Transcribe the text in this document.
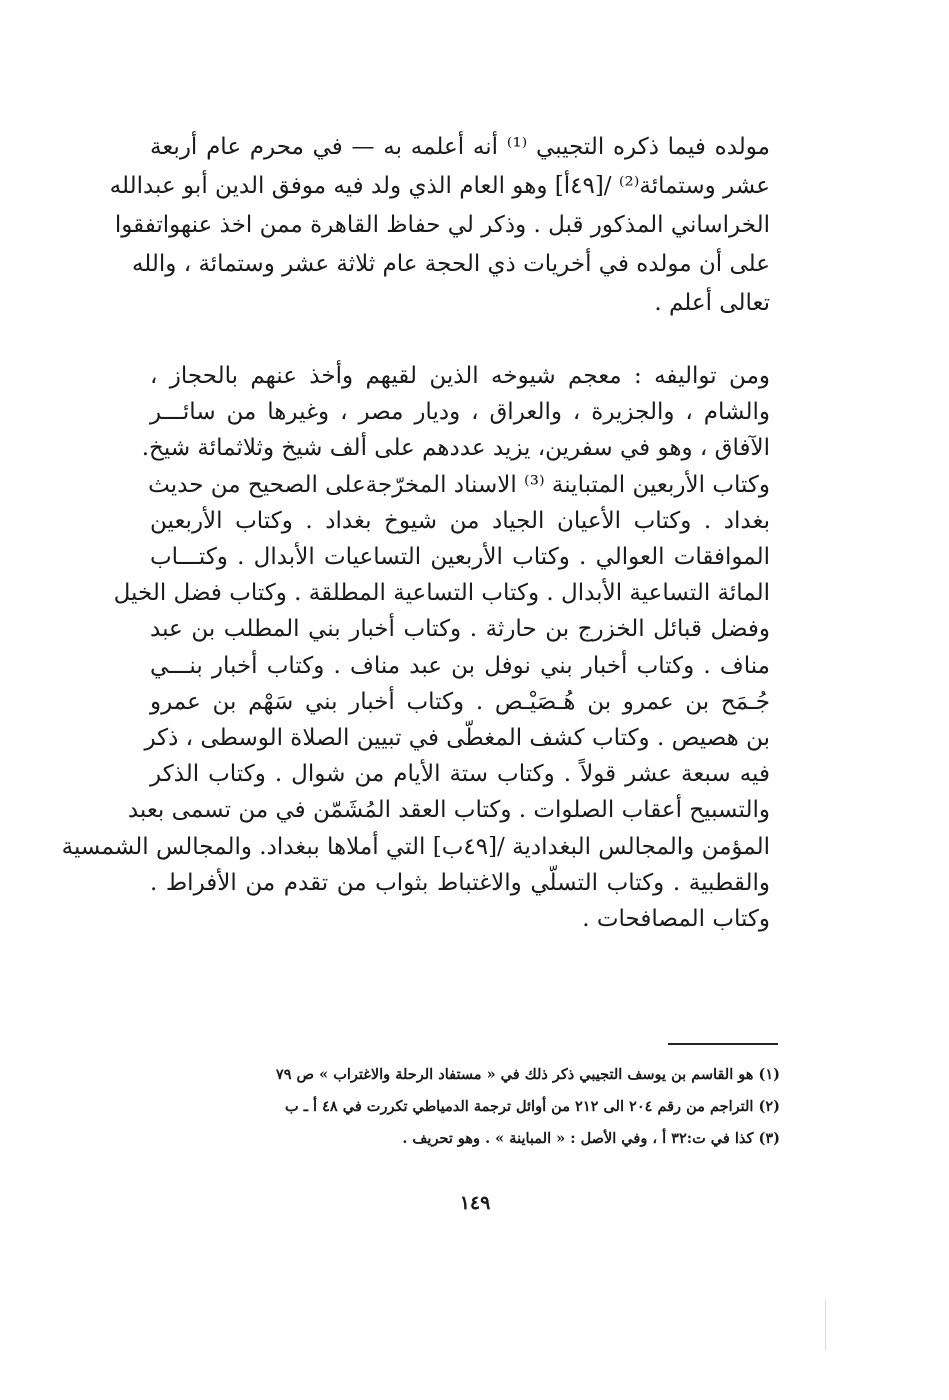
مولده فيما ذكره التجيبي ⁽¹⁾ أنه أعلمه به — في محرم عام أربعة
عشر وستمائة⁽²⁾ /[٤٩أ] وهو العام الذي ولد فيه موفق الدين أبو عبدالله
الخراساني المذكور قبل . وذكر لي حفاظ القاهرة ممن اخذ عنهواتفقوا
على أن مولده في أخريات ذي الحجة عام ثلاثة عشر وستمائة ، والله
تعالى أعلم .
ومن تواليفه : معجم شيوخه الذين لقيهم وأخذ عنهم بالحجاز ،
والشام ، والجزيرة ، والعراق ، وديار مصر ، وغيرها من سائـــر
الآفاق ، وهو في سفرين، يزيد عددهم على ألف شيخ وثلاثمائة شيخ.
وكتاب الأربعين المتباينة ⁽³⁾ الاسناد المخرّجةعلى الصحيح من حديث
بغداد . وكتاب الأعيان الجياد من شيوخ بغداد . وكتاب الأربعين
الموافقات العوالي . وكتاب الأربعين التساعيات الأبدال . وكتـــاب
المائة التساعية الأبدال . وكتاب التساعية المطلقة . وكتاب فضل الخيل
وفضل قبائل الخزرج بن حارثة . وكتاب أخبار بني المطلب بن عبد
مناف . وكتاب أخبار بني نوفل بن عبد مناف . وكتاب أخبار بنـــي
جُـمَح بن عمرو بن هُـصَيْـص . وكتاب أخبار بني سَهْم بن عمرو
بن هصيص . وكتاب كشف المغطّى في تبيين الصلاة الوسطى ، ذكر
فيه سبعة عشر قولاً . وكتاب ستة الأيام من شوال . وكتاب الذكر
والتسبيح أعقاب الصلوات . وكتاب العقد المُشَمّن في من تسمى بعبد
المؤمن والمجالس البغدادية /[٤٩ب] التي أملاها ببغداد. والمجالس الشمسية
والقطبية . وكتاب التسلّي والاغتباط بثواب من تقدم من الأفراط .
وكتاب المصافحات .
(١) هو القاسم بن يوسف التجيبي ذكر ذلك في « مستفاد الرحلة والاغتراب » ص ٧٩
(٢) التراجم من رقم ٢٠٤ الى ٢١٢ من أوائل ترجمة الدمياطي تكررت في ٤٨ أ ـ ب
(٣) كذا في ت:٣٢ أ ، وفي الأصل : « المباينة » . وهو تحريف .
١٤٩
